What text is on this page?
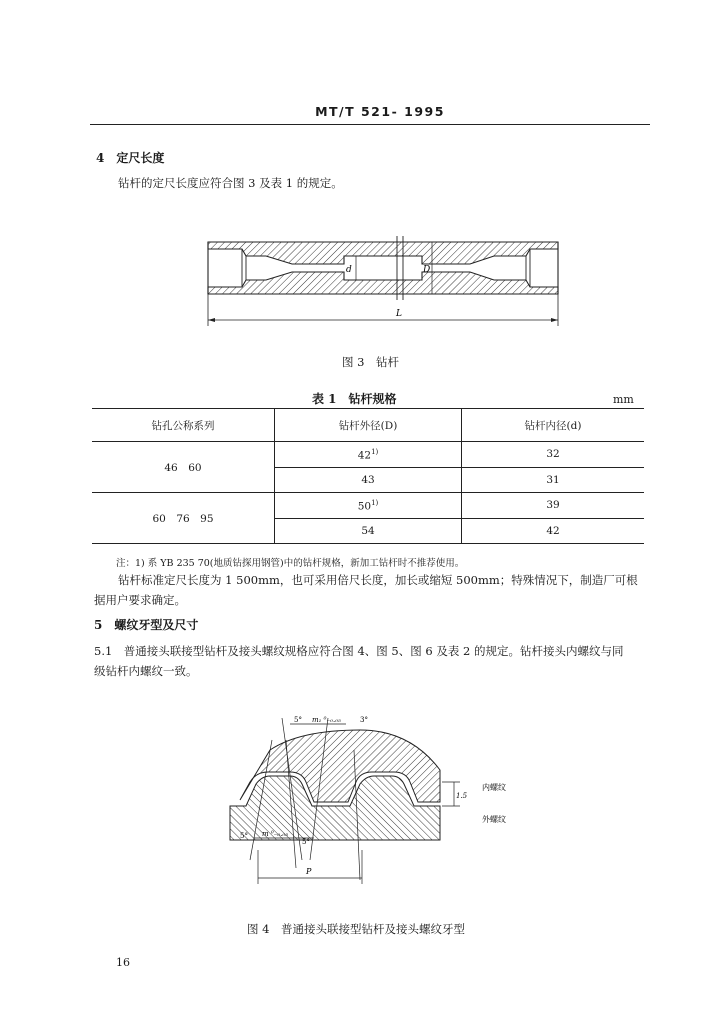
MT/T 521- 1995
4　定尺长度
钻杆的定尺长度应符合图 3 及表 1 的规定。
d	D
L
图 3　钻杆
表 1　钻杆规格	mm
钻孔公称系列	钻杆外径(D)	钻杆内径(d)
46　60	42$^{1)}$	32
	43	31
60　76　95	50$^{1)}$	39
	54	42
注：1) 系 YB 235 70(地质钻探用钢管)中的钻杆规格，新加工钻杆时不推荐使用。
钻杆标准定尺长度为 1 500mm，也可采用倍尺长度，加长或缩短 500mm；特殊情况下，制造厂可根
据用户要求确定。
5　螺纹牙型及尺寸
5.1　普通接头联接型钻杆及接头螺纹规格应符合图 4、图 5、图 6 及表 2 的规定。钻杆接头内螺纹与同
级钻杆内螺纹一致。
5° m₁ ⁰₋₀.₀₅	3°
5° m ⁰₋₀.₀₅
5°
1.5
P
内螺纹
外螺纹
图 4　普通接头联接型钻杆及接头螺纹牙型
16
